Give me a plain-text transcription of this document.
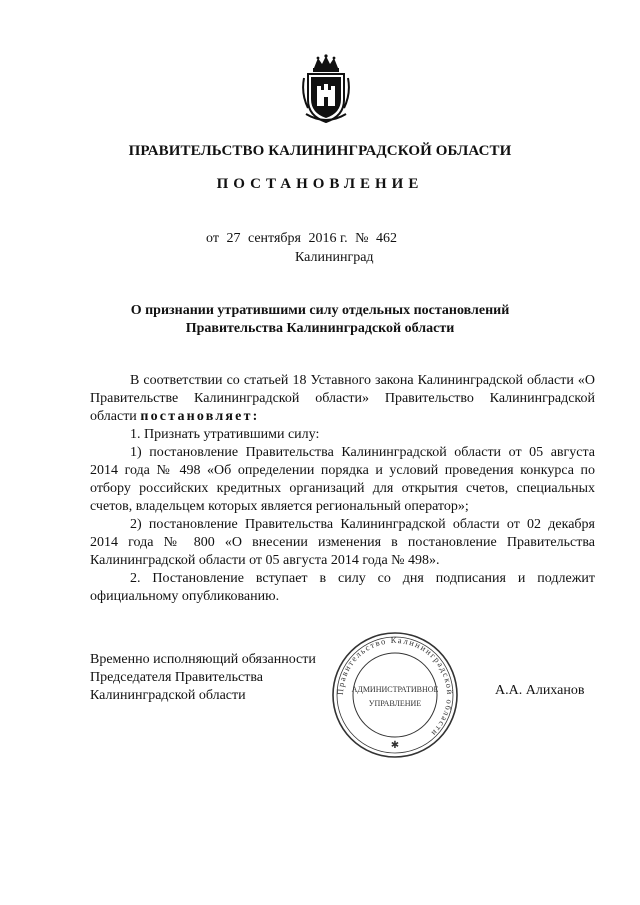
ПРАВИТЕЛЬСТВО КАЛИНИНГРАДСКОЙ ОБЛАСТИ
ПОСТАНОВЛЕНИЕ
от 27 сентября 2016 г. № 462
Калининград
О признании утратившими силу отдельных постановлений
Правительства Калининградской области

В соответствии со статьей 18 Уставного закона Калининградской области «О Правительстве Калининградской области» Правительство Калининградской области постановляет:

1. Признать утратившими силу:

1) постановление Правительства Калининградской области от 05 августа 2014 года № 498 «Об определении порядка и условий проведения конкурса по отбору российских кредитных организаций для открытия счетов, специальных счетов, владельцем которых является региональный оператор»;

2) постановление Правительства Калининградской области от 02 декабря 2014 года № 800 «О внесении изменения в постановление Правительства Калининградской области от 05 августа 2014 года № 498».

2. Постановление вступает в силу со дня подписания и подлежит официальному опубликованию.

Временно исполняющий обязанности
Председателя Правительства
Калининградской области	Правительство Калининградской области
АДМИНИСТРАТИВНОЕ
УПРАВЛЕНИЕ
✱
А.А. Алиханов
